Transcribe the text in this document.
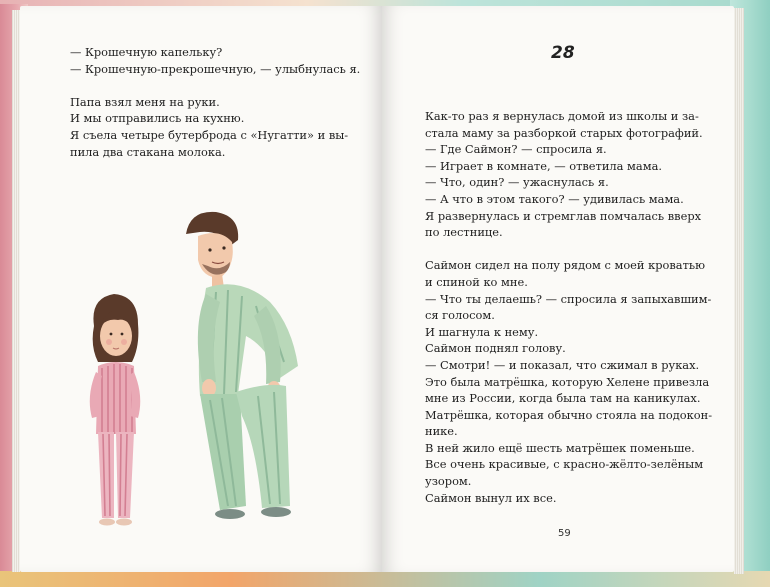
— Крошечную капельку?

— Крошечную-прекрошечную, — улыбнулась я.

Папа взял меня на руки.

И мы отправились на кухню.

Я съела четыре бутерброда с «Нугатти» и вы-

пила два стакана молока.

28

Как-то раз я вернулась домой из школы и за-

стала маму за разборкой старых фотографий.

— Где Саймон? — спросила я.

— Играет в комнате, — ответила мама.

— Что, один? — ужаснулась я.

— А что в этом такого? — удивилась мама.

Я развернулась и стремглав помчалась вверх

по лестнице.

Саймон сидел на полу рядом с моей кроватью

и спиной ко мне.

— Что ты делаешь? — спросила я запыхавшим-

ся голосом.

И шагнула к нему.

Саймон поднял голову.

— Смотри! — и показал, что сжимал в руках.

Это была матрёшка, которую Хелене привезла

мне из России, когда была там на каникулах.

Матрёшка, которая обычно стояла на подокон-

нике.

В ней жило ещё шесть матрёшек поменьше.

Все очень красивые, с красно-жёлто-зелёным

узором.

Саймон вынул их все.

59
